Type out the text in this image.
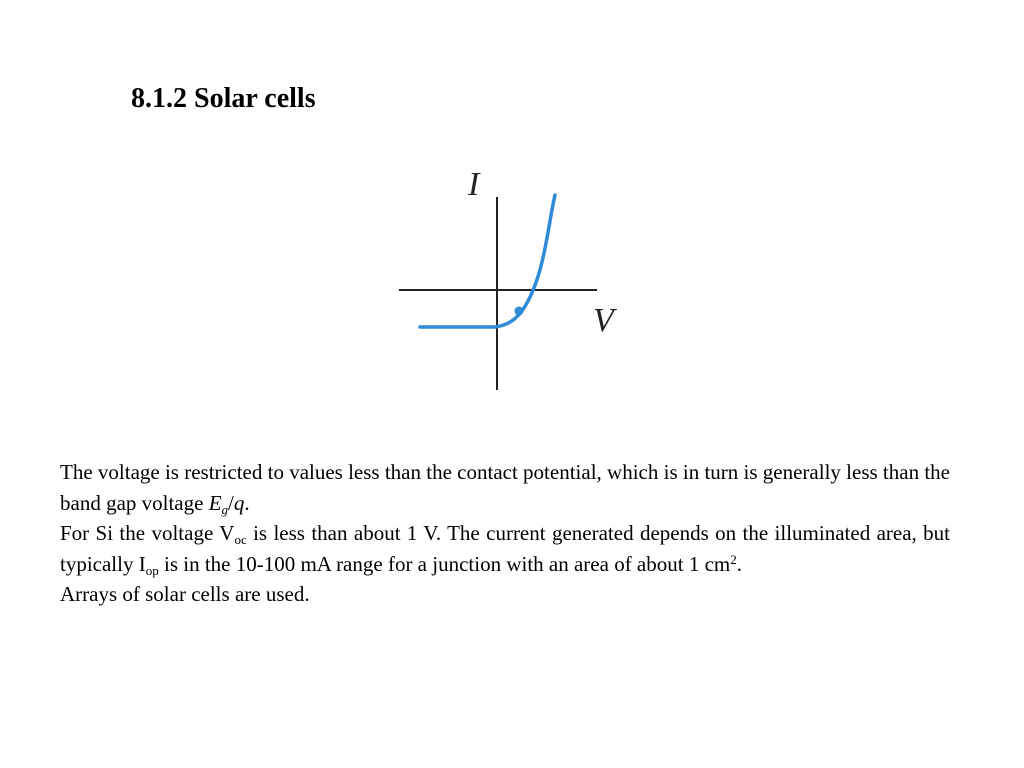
8.1.2 Solar cells
I
V

The voltage is restricted to values less than the contact potential, which is in turn is generally less than the band gap voltage $E_g/q$.

For Si the voltage $V_{oc}$ is less than about 1 V. The current generated depends on the illuminated area, but typically $I_{op}$ is in the 10-100 mA range for a junction with an area of about 1 $cm^2$.

Arrays of solar cells are used.
